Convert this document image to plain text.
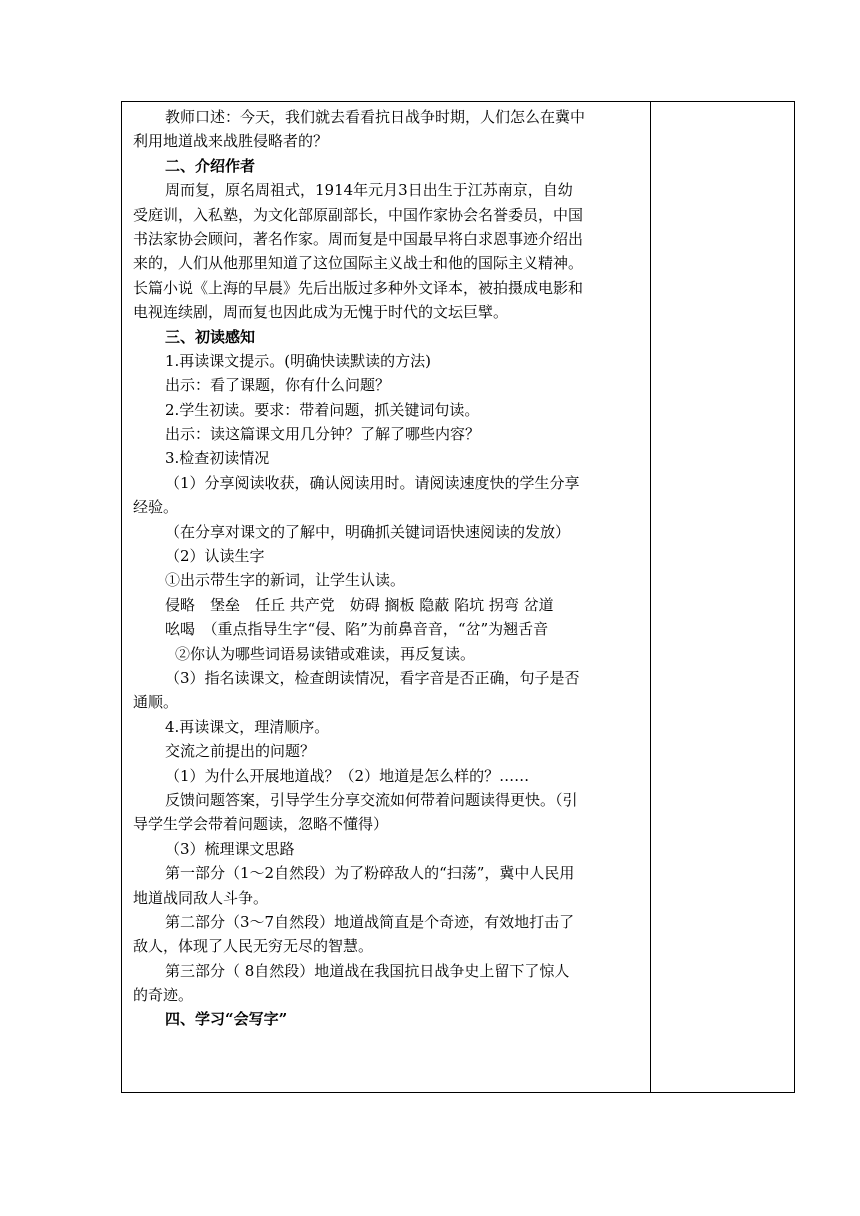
教师口述：今天，我们就去看看抗日战争时期，人们怎么在冀中
利用地道战来战胜侵略者的？
二、介绍作者
周而复，原名周祖式，1914年元月3日出生于江苏南京，自幼
受庭训，入私塾，为文化部原副部长，中国作家协会名誉委员，中国
书法家协会顾问，著名作家。周而复是中国最早将白求恩事迹介绍出
来的，人们从他那里知道了这位国际主义战士和他的国际主义精神。
长篇小说《上海的早晨》先后出版过多种外文译本，被拍摄成电影和
电视连续剧，周而复也因此成为无愧于时代的文坛巨擘。
三、初读感知
1.再读课文提示。(明确快读默读的方法)
出示：看了课题，你有什么问题？
2.学生初读。要求：带着问题，抓关键词句读。
出示：读这篇课文用几分钟？了解了哪些内容？
3.检查初读情况
（1）分享阅读收获，确认阅读用时。请阅读速度快的学生分享
经验。
（在分享对课文的了解中，明确抓关键词语快速阅读的发放）
（2）认读生字
①出示带生字的新词，让学生认读。
侵略　堡垒　任丘 共产党　妨碍 搁板 隐蔽 陷坑 拐弯 岔道
吆喝　（重点指导生字“侵、陷”为前鼻音音，“岔”为翘舌音
②你认为哪些词语易读错或难读，再反复读。
（3）指名读课文，检查朗读情况，看字音是否正确，句子是否
通顺。
4.再读课文，理清顺序。
交流之前提出的问题？
（1）为什么开展地道战？（2）地道是怎么样的？……
反馈问题答案，引导学生分享交流如何带着问题读得更快。（引
导学生学会带着问题读，忽略不懂得）
（3）梳理课文思路
第一部分（1～2自然段）为了粉碎敌人的“扫荡”，冀中人民用
地道战同敌人斗争。
第二部分（3～7自然段）地道战简直是个奇迹，有效地打击了
敌人，体现了人民无穷无尽的智慧。
第三部分（ 8自然段）地道战在我国抗日战争史上留下了惊人
的奇迹。
四、学习“会写字”
